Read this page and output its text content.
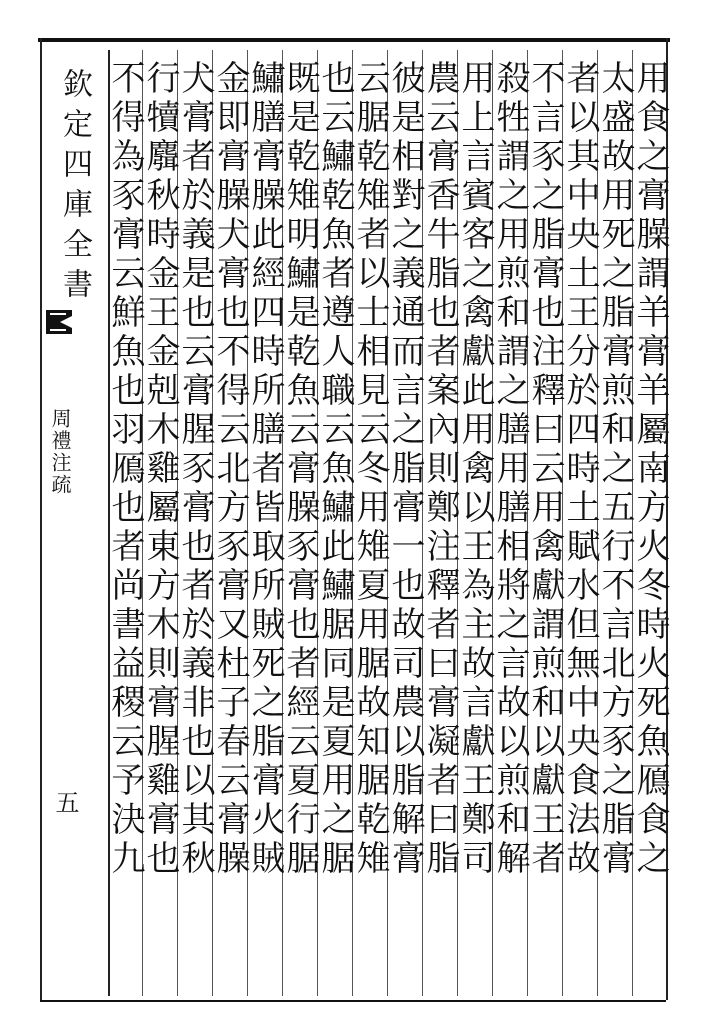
用食之膏臊謂羊膏羊屬南方火冬時火死魚鴈食之
太盛故用死之脂膏煎和之五行不言北方豕之脂膏
者以其中央土王分於四時土賦水但無中央食法故
不言豕之脂膏也注釋曰云用禽獻謂煎和以獻王者
殺牲謂之用煎和謂之膳用膳相將之言故以煎和解
用上言賓客之禽獻此用禽以王為主故言獻王鄭司
農云膏香牛脂也者案內則鄭注釋者曰膏凝者曰脂
彼是相對之義通而言之脂膏一也故司農以脂解膏
云腒乾雉者以士相見云冬用雉夏用腒故知腒乾雉
也云鱐乾魚者遵人職云魚鱐此鱐腒同是夏用之腒
既是乾雉明鱐是乾魚云膏臊豕膏也者經云夏行腒
鱐膳膏臊此經四時所膳者皆取所賊死之脂膏火賊
金即膏臊犬膏也不得云北方豕膏又杜子春云膏臊
犬膏者於義是也云膏腥豕膏也者於義非也以其秋
行犢麛秋時金王金剋木雞屬東方木則膏腥雞膏也
不得為豕膏云鮮魚也羽鴈也者尚書益稷云予決九
欽定四庫全書
周禮注疏
五
